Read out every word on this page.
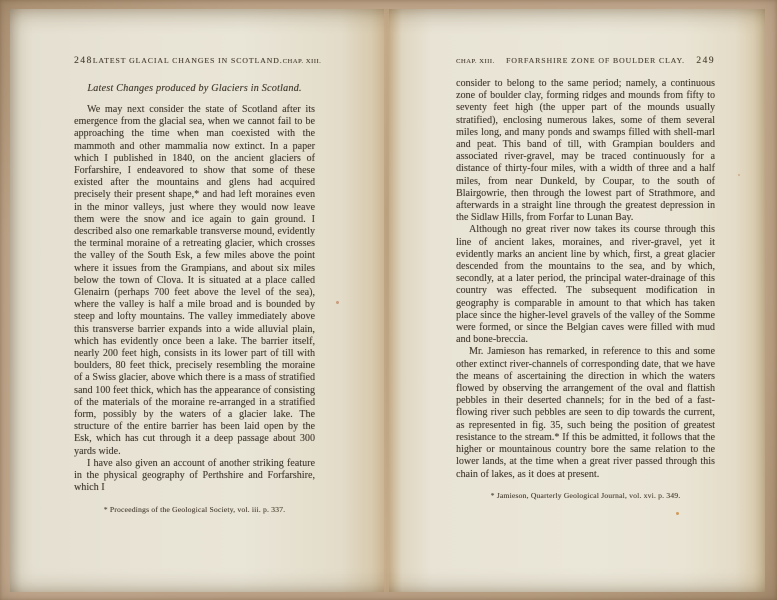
248 LATEST GLACIAL CHANGES IN SCOTLAND. CHAP. XIII.
Latest Changes produced by Glaciers in Scotland.

We may next consider the state of Scotland after its emergence from the glacial sea, when we cannot fail to be approaching the time when man coexisted with the mammoth and other mammalia now extinct. In a paper which I published in 1840, on the ancient glaciers of Forfarshire, I endeavored to show that some of these existed after the mountains and glens had acquired precisely their present shape,* and had left moraines even in the minor valleys, just where they would now leave them were the snow and ice again to gain ground. I described also one remarkable transverse mound, evidently the terminal moraine of a retreating glacier, which crosses the valley of the South Esk, a few miles above the point where it issues from the Grampians, and about six miles below the town of Clova. It is situated at a place called Glenairn (perhaps 700 feet above the level of the sea), where the valley is half a mile broad and is bounded by steep and lofty mountains. The valley immediately above this transverse barrier expands into a wide alluvial plain, which has evidently once been a lake. The barrier itself, nearly 200 feet high, consists in its lower part of till with boulders, 80 feet thick, precisely resembling the moraine of a Swiss glacier, above which there is a mass of stratified sand 100 feet thick, which has the appearance of consisting of the materials of the moraine re-arranged in a stratified form, possibly by the waters of a glacier lake. The structure of the entire barrier has been laid open by the Esk, which has cut through it a deep passage about 300 yards wide.

I have also given an account of another striking feature in the physical geography of Perthshire and Forfarshire, which I

* Proceedings of the Geological Society, vol. iii. p. 337.
CHAP. XIII. FORFARSHIRE ZONE OF BOULDER CLAY. 249

consider to belong to the same period; namely, a continuous zone of boulder clay, forming ridges and mounds from fifty to seventy feet high (the upper part of the mounds usually stratified), enclosing numerous lakes, some of them several miles long, and many ponds and swamps filled with shell-marl and peat. This band of till, with Grampian boulders and associated river-gravel, may be traced continuously for a distance of thirty-four miles, with a width of three and a half miles, from near Dunkeld, by Coupar, to the south of Blairgowrie, then through the lowest part of Strathmore, and afterwards in a straight line through the greatest depression in the Sidlaw Hills, from Forfar to Lunan Bay.

Although no great river now takes its course through this line of ancient lakes, moraines, and river-gravel, yet it evidently marks an ancient line by which, first, a great glacier descended from the mountains to the sea, and by which, secondly, at a later period, the principal water-drainage of this country was effected. The subsequent modification in geography is comparable in amount to that which has taken place since the higher-level gravels of the valley of the Somme were formed, or since the Belgian caves were filled with mud and bone-breccia.

Mr. Jamieson has remarked, in reference to this and some other extinct river-channels of corresponding date, that we have the means of ascertaining the direction in which the waters flowed by observing the arrangement of the oval and flattish pebbles in their deserted channels; for in the bed of a fast-flowing river such pebbles are seen to dip towards the current, as represented in fig. 35, such being the position of greatest resistance to the stream.* If this be admitted, it follows that the higher or mountainous country bore the same relation to the lower lands, at the time when a great river passed through this chain of lakes, as it does at present.

* Jamieson, Quarterly Geological Journal, vol. xvi. p. 349.
